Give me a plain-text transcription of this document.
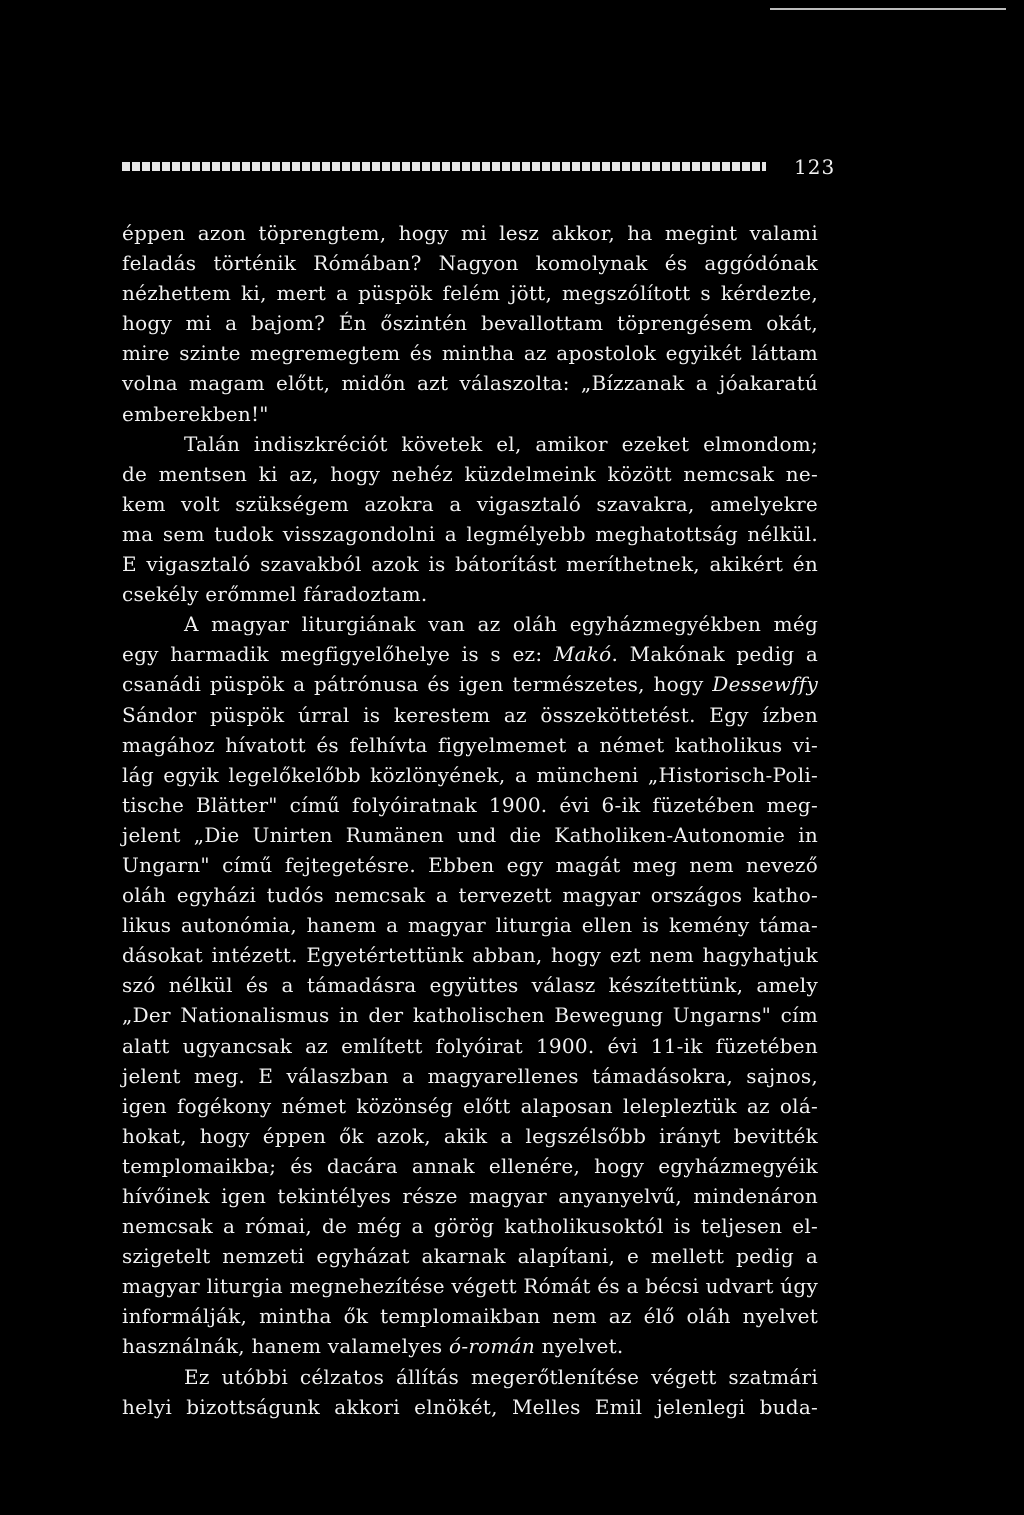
123
éppen azon töprengtem, hogy mi lesz akkor, ha megint valami
feladás történik Rómában? Nagyon komolynak és aggódónak
nézhettem ki, mert a püspök felém jött, megszólított s kérdezte,
hogy mi a bajom? Én őszintén bevallottam töprengésem okát,
mire szinte megremegtem és mintha az apostolok egyikét láttam
volna magam előtt, midőn azt válaszolta: „Bízzanak a jóakaratú
emberekben!"
Talán indiszkréciót követek el, amikor ezeket elmondom;
de mentsen ki az, hogy nehéz küzdelmeink között nemcsak ne-
kem volt szükségem azokra a vigasztaló szavakra, amelyekre
ma sem tudok visszagondolni a legmélyebb meghatottság nélkül.
E vigasztaló szavakból azok is bátorítást meríthetnek, akikért én
csekély erőmmel fáradoztam.
A magyar liturgiának van az oláh egyházmegyékben még
egy harmadik megfigyelőhelye is s ez: Makó. Makónak pedig a
csanádi püspök a pátrónusa és igen természetes, hogy Dessewffy
Sándor püspök úrral is kerestem az összeköttetést. Egy ízben
magához hívatott és felhívta figyelmemet a német katholikus vi-
lág egyik legelőkelőbb közlönyének, a müncheni „Historisch-Poli-
tische Blätter" című folyóiratnak 1900. évi 6-ik füzetében meg-
jelent „Die Unirten Rumänen und die Katholiken-Autonomie in
Ungarn" című fejtegetésre. Ebben egy magát meg nem nevező
oláh egyházi tudós nemcsak a tervezett magyar országos katho-
likus autonómia, hanem a magyar liturgia ellen is kemény táma-
dásokat intézett. Egyetértettünk abban, hogy ezt nem hagyhatjuk
szó nélkül és a támadásra együttes válasz készítettünk, amely
„Der Nationalismus in der katholischen Bewegung Ungarns" cím
alatt ugyancsak az említett folyóirat 1900. évi 11-ik füzetében
jelent meg. E válaszban a magyarellenes támadásokra, sajnos,
igen fogékony német közönség előtt alaposan lelepleztük az olá-
hokat, hogy éppen ők azok, akik a legszélsőbb irányt bevitték
templomaikba; és dacára annak ellenére, hogy egyházmegyéik
hívőinek igen tekintélyes része magyar anyanyelvű, mindenáron
nemcsak a római, de még a görög katholikusoktól is teljesen el-
szigetelt nemzeti egyházat akarnak alapítani, e mellett pedig a
magyar liturgia megnehezítése végett Rómát és a bécsi udvart úgy
informálják, mintha ők templomaikban nem az élő oláh nyelvet
használnák, hanem valamelyes ó-román nyelvet.
Ez utóbbi célzatos állítás megerőtlenítése végett szatmári
helyi bizottságunk akkori elnökét, Melles Emil jelenlegi buda-
